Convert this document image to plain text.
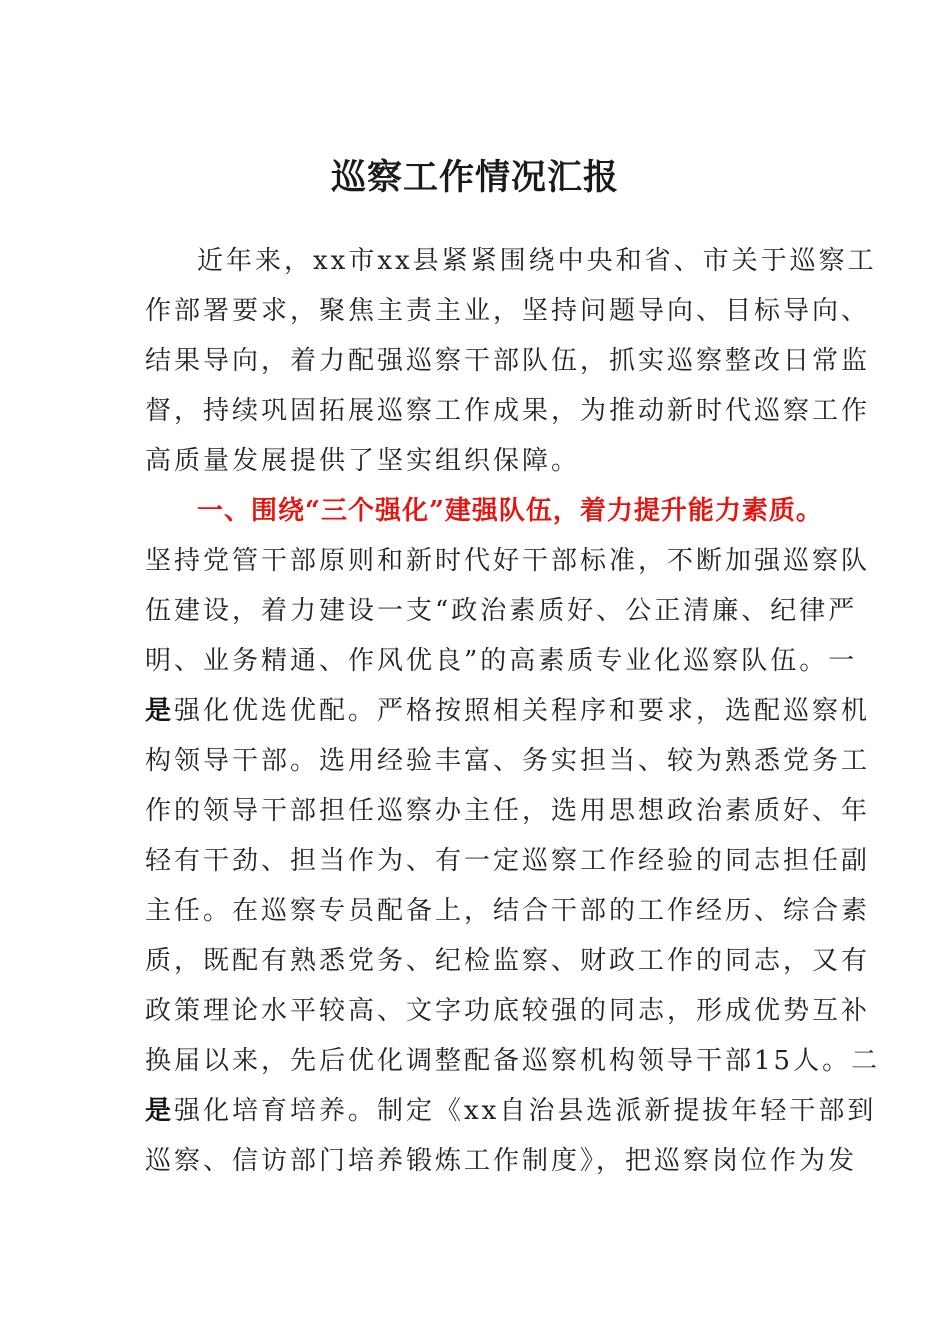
巡察工作情况汇报
近年来，xx市xx县紧紧围绕中央和省、市关于巡察工
作部署要求，聚焦主责主业，坚持问题导向、目标导向、
结果导向，着力配强巡察干部队伍，抓实巡察整改日常监
督，持续巩固拓展巡察工作成果，为推动新时代巡察工作
高质量发展提供了坚实组织保障。
一、围绕“三个强化”建强队伍，着力提升能力素质。
坚持党管干部原则和新时代好干部标准，不断加强巡察队
伍建设，着力建设一支“政治素质好、公正清廉、纪律严
明、业务精通、作风优良”的高素质专业化巡察队伍。一
是强化优选优配。严格按照相关程序和要求，选配巡察机
构领导干部。选用经验丰富、务实担当、较为熟悉党务工
作的领导干部担任巡察办主任，选用思想政治素质好、年
轻有干劲、担当作为、有一定巡察工作经验的同志担任副
主任。在巡察专员配备上，结合干部的工作经历、综合素
质，既配有熟悉党务、纪检监察、财政工作的同志，又有
政策理论水平较高、文字功底较强的同志，形成优势互补
换届以来，先后优化调整配备巡察机构领导干部15人。二
是强化培育培养。制定《xx自治县选派新提拔年轻干部到
巡察、信访部门培养锻炼工作制度》，把巡察岗位作为发
